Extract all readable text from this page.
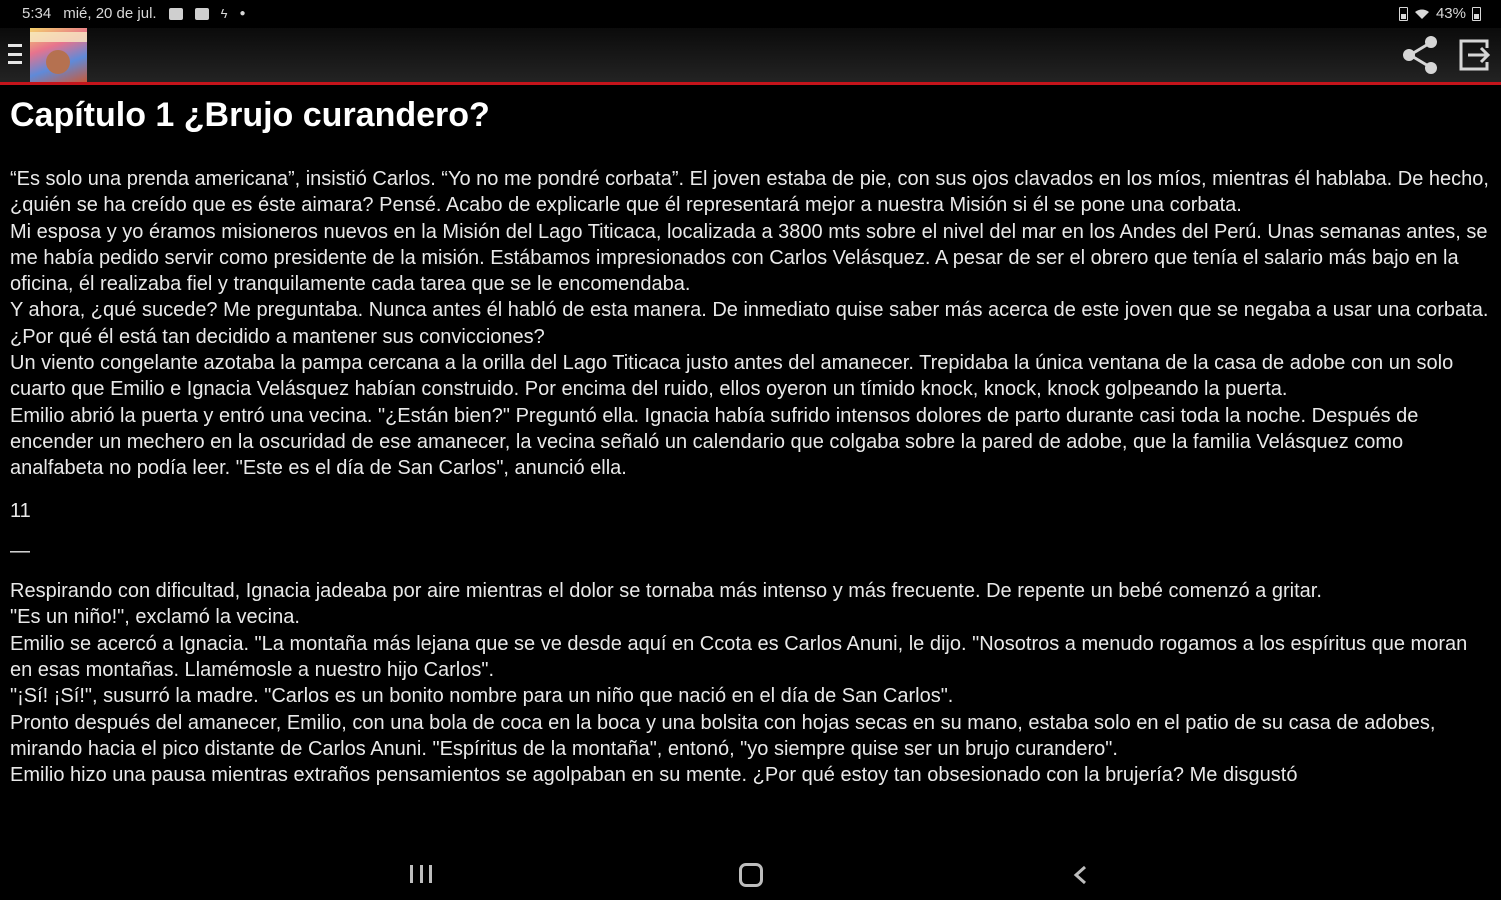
5:34 mié, 20 de jul.	ϟ ●	43%
Capítulo 1 ¿Brujo curandero?

“Es solo una prenda americana”, insistió Carlos. “Yo no me pondré corbata”. El joven estaba de pie, con sus ojos clavados en los míos, mientras él hablaba. De hecho, ¿quién se ha creído que es éste aimara? Pensé. Acabo de explicarle que él representará mejor a nuestra Misión si él se pone una corbata.

Mi esposa y yo éramos misioneros nuevos en la Misión del Lago Titicaca, localizada a 3800 mts sobre el nivel del mar en los Andes del Perú. Unas semanas antes, se me había pedido servir como presidente de la misión. Estábamos impresionados con Carlos Velásquez. A pesar de ser el obrero que tenía el salario más bajo en la oficina, él realizaba fiel y tranquilamente cada tarea que se le encomendaba.

Y ahora, ¿qué sucede? Me preguntaba. Nunca antes él habló de esta manera. De inmediato quise saber más acerca de este joven que se negaba a usar una corbata. ¿Por qué él está tan decidido a mantener sus convicciones?

Un viento congelante azotaba la pampa cercana a la orilla del Lago Titicaca justo antes del amanecer. Trepidaba la única ventana de la casa de adobe con un solo cuarto que Emilio e Ignacia Velásquez habían construido. Por encima del ruido, ellos oyeron un tímido knock, knock, knock golpeando la puerta.

Emilio abrió la puerta y entró una vecina. "¿Están bien?" Preguntó ella. Ignacia había sufrido intensos dolores de parto durante casi toda la noche. Después de encender un mechero en la oscuridad de ese amanecer, la vecina señaló un calendario que colgaba sobre la pared de adobe, que la familia Velásquez como analfabeta no podía leer. "Este es el día de San Carlos", anunció ella.

11

—

Respirando con dificultad, Ignacia jadeaba por aire mientras el dolor se tornaba más intenso y más frecuente. De repente un bebé comenzó a gritar.

"Es un niño!", exclamó la vecina.

Emilio se acercó a Ignacia. "La montaña más lejana que se ve desde aquí en Ccota es Carlos Anuni, le dijo. "Nosotros a menudo rogamos a los espíritus que moran en esas montañas. Llamémosle a nuestro hijo Carlos".

"¡Sí! ¡Sí!", susurró la madre. "Carlos es un bonito nombre para un niño que nació en el día de San Carlos".

Pronto después del amanecer, Emilio, con una bola de coca en la boca y una bolsita con hojas secas en su mano, estaba solo en el patio de su casa de adobes, mirando hacia el pico distante de Carlos Anuni. "Espíritus de la montaña", entonó, "yo siempre quise ser un brujo curandero".

Emilio hizo una pausa mientras extraños pensamientos se agolpaban en su mente. ¿Por qué estoy tan obsesionado con la brujería? Me disgustó
